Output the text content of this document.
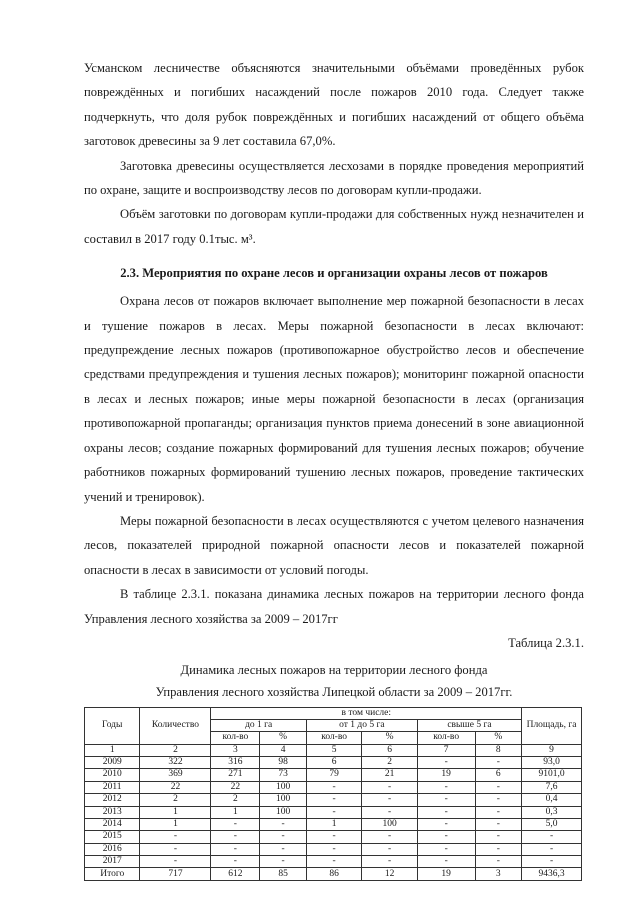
Усманском лесничестве объясняются значительными объёмами проведённых рубок повреждённых и погибших насаждений после пожаров 2010 года. Следует также подчеркнуть, что доля рубок повреждённых и погибших насаждений от общего объёма заготовок древесины за 9 лет составила 67,0%.

Заготовка древесины осуществляется лесхозами в порядке проведения мероприятий по охране, защите и воспроизводству лесов по договорам купли-продажи.

Объём заготовки по договорам купли-продажи для собственных нужд незначителен и составил в 2017 году 0.1тыс. м³.

2.3. Мероприятия по охране лесов и организации охраны лесов от пожаров

Охрана лесов от пожаров включает выполнение мер пожарной безопасности в лесах и тушение пожаров в лесах. Меры пожарной безопасности в лесах включают: предупреждение лесных пожаров (противопожарное обустройство лесов и обеспечение средствами предупреждения и тушения лесных пожаров); мониторинг пожарной опасности в лесах и лесных пожаров; иные меры пожарной безопасности в лесах (организация противопожарной пропаганды; организация пунктов приема донесений в зоне авиационной охраны лесов; создание пожарных формирований для тушения лесных пожаров; обучение работников пожарных формирований тушению лесных пожаров, проведение тактических учений и тренировок).

Меры пожарной безопасности в лесах осуществляются с учетом целевого назначения лесов, показателей природной пожарной опасности лесов и показателей пожарной опасности в лесах в зависимости от условий погоды.

В таблице 2.3.1. показана динамика лесных пожаров на территории лесного фонда Управления лесного хозяйства за 2009 – 2017гг

Таблица 2.3.1.
Динамика лесных пожаров на территории лесного фонда
Управления лесного хозяйства Липецкой области за 2009 – 2017гг.
Годы	Количество	в том числе:						Площадь, га
		до 1 га		от 1 до 5 га		свыше 5 га		
		кол-во	%	кол-во	%	кол-во	%	
1	2	3	4	5	6	7	8	9
2009	322	316	98	6	2	-	-	93,0
2010	369	271	73	79	21	19	6	9101,0
2011	22	22	100	-	-	-	-	7,6
2012	2	2	100	-	-	-	-	0,4
2013	1	1	100	-	-	-	-	0,3
2014	1	-	-	1	100	-	-	5,0
2015	-	-	-	-	-	-	-	-
2016	-	-	-	-	-	-	-	-
2017	-	-	-	-	-	-	-	-
Итого	717	612	85	86	12	19	3	9436,3
